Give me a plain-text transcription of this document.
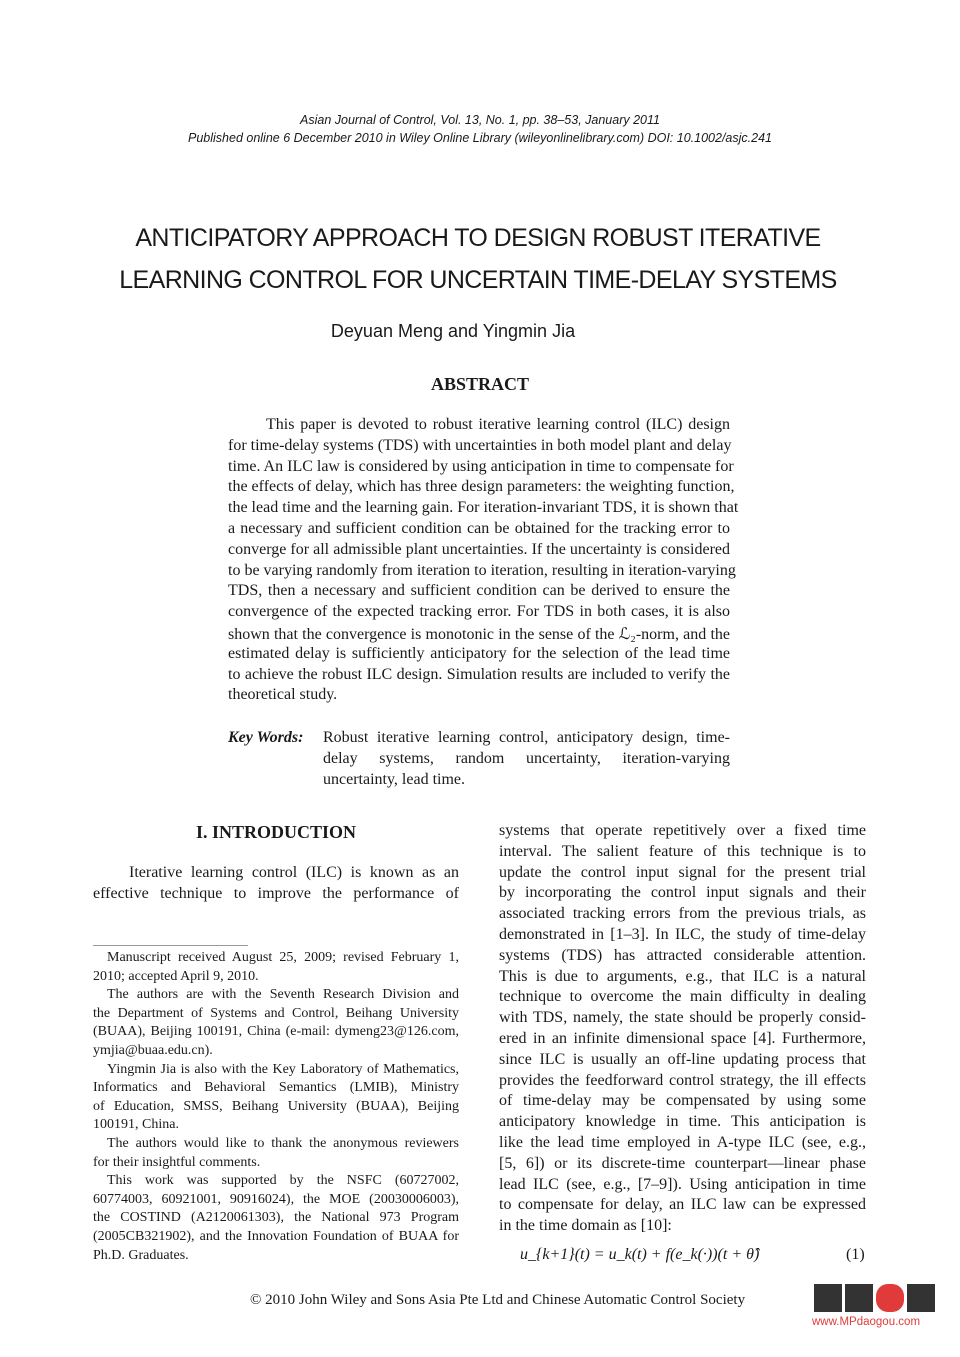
Asian Journal of Control, Vol. 13, No. 1, pp. 38–53, January 2011
Published online 6 December 2010 in Wiley Online Library (wileyonlinelibrary.com) DOI: 10.1002/asjc.241
ANTICIPATORY APPROACH TO DESIGN ROBUST ITERATIVE
LEARNING CONTROL FOR UNCERTAIN TIME-DELAY SYSTEMS
Deyuan Meng and Yingmin Jia
ABSTRACT
This paper is devoted to robust iterative learning control (ILC) design
for time-delay systems (TDS) with uncertainties in both model plant and delay
time. An ILC law is considered by using anticipation in time to compensate for
the effects of delay, which has three design parameters: the weighting function,
the lead time and the learning gain. For iteration-invariant TDS, it is shown that
a necessary and sufficient condition can be obtained for the tracking error to
converge for all admissible plant uncertainties. If the uncertainty is considered
to be varying randomly from iteration to iteration, resulting in iteration-varying
TDS, then a necessary and sufficient condition can be derived to ensure the
convergence of the expected tracking error. For TDS in both cases, it is also
shown that the convergence is monotonic in the sense of the ℒ₂-norm, and the
estimated delay is sufficiently anticipatory for the selection of the lead time
to achieve the robust ILC design. Simulation results are included to verify the
theoretical study.
Key Words: Robust iterative learning control, anticipatory design, time-
delay systems, random uncertainty, iteration-varying
uncertainty, lead time.
I. INTRODUCTION
Iterative learning control (ILC) is known as an
effective technique to improve the performance of
systems that operate repetitively over a fixed time
interval. The salient feature of this technique is to
update the control input signal for the present trial
by incorporating the control input signals and their
associated tracking errors from the previous trials, as
demonstrated in [1–3]. In ILC, the study of time-delay
systems (TDS) has attracted considerable attention.
This is due to arguments, e.g., that ILC is a natural
technique to overcome the main difficulty in dealing
with TDS, namely, the state should be properly consid-
ered in an infinite dimensional space [4]. Furthermore,
since ILC is usually an off-line updating process that
provides the feedforward control strategy, the ill effects
of time-delay may be compensated by using some
anticipatory knowledge in time. This anticipation is
like the lead time employed in A-type ILC (see, e.g.,
[5, 6]) or its discrete-time counterpart—linear phase
lead ILC (see, e.g., [7–9]). Using anticipation in time
to compensate for delay, an ILC law can be expressed
in the time domain as [10]:
Manuscript received August 25, 2009; revised February 1,
2010; accepted April 9, 2010.
The authors are with the Seventh Research Division and
the Department of Systems and Control, Beihang University
(BUAA), Beijing 100191, China (e-mail: dymeng23@126.com,
ymjia@buaa.edu.cn).
Yingmin Jia is also with the Key Laboratory of Mathematics,
Informatics and Behavioral Semantics (LMIB), Ministry
of Education, SMSS, Beihang University (BUAA), Beijing
100191, China.
The authors would like to thank the anonymous reviewers
for their insightful comments.
This work was supported by the NSFC (60727002,
60774003, 60921001, 90916024), the MOE (20030006003),
the COSTIND (A2120061303), the National 973 Program
(2005CB321902), and the Innovation Foundation of BUAA for
Ph.D. Graduates.	u_{k+1}(t) = u_k(t) + f(e_k(·))(t + θ̂)	(1)
© 2010 John Wiley and Sons Asia Pte Ltd and Chinese Automatic Control Society
www.MPdaogou.com
